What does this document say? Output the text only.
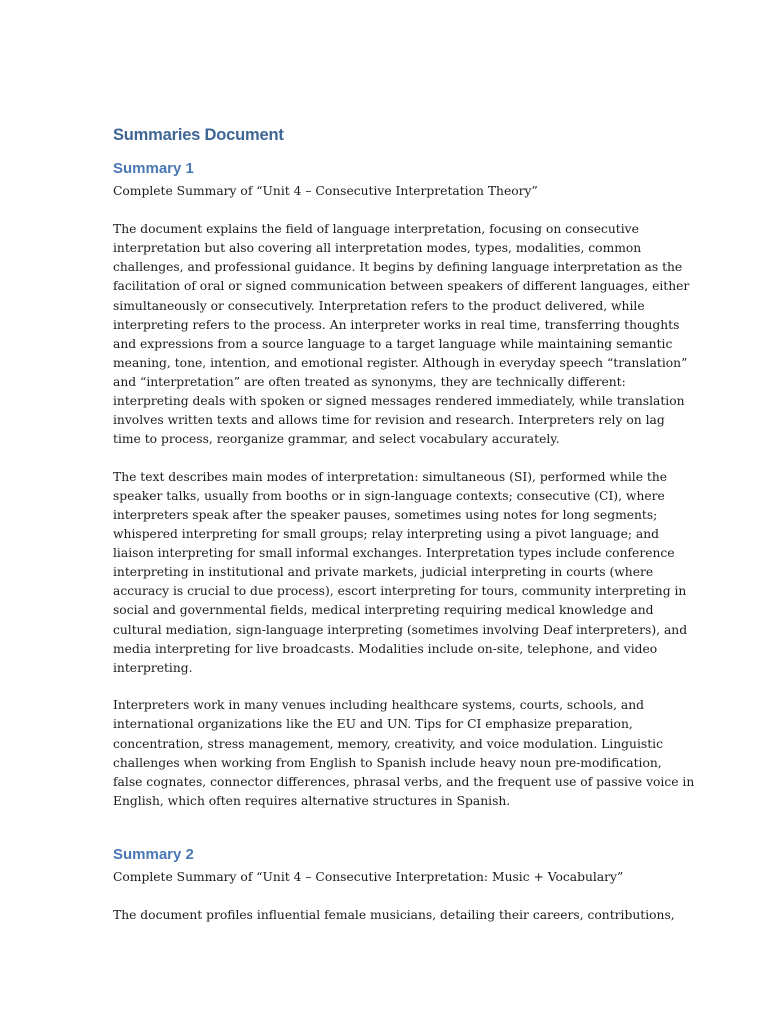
Summaries Document
Summary 1

Complete Summary of “Unit 4 – Consecutive Interpretation Theory”

The document explains the field of language interpretation, focusing on consecutive
interpretation but also covering all interpretation modes, types, modalities, common
challenges, and professional guidance. It begins by defining language interpretation as the
facilitation of oral or signed communication between speakers of different languages, either
simultaneously or consecutively. Interpretation refers to the product delivered, while
interpreting refers to the process. An interpreter works in real time, transferring thoughts
and expressions from a source language to a target language while maintaining semantic
meaning, tone, intention, and emotional register. Although in everyday speech “translation”
and “interpretation” are often treated as synonyms, they are technically different:
interpreting deals with spoken or signed messages rendered immediately, while translation
involves written texts and allows time for revision and research. Interpreters rely on lag
time to process, reorganize grammar, and select vocabulary accurately.

The text describes main modes of interpretation: simultaneous (SI), performed while the
speaker talks, usually from booths or in sign-language contexts; consecutive (CI), where
interpreters speak after the speaker pauses, sometimes using notes for long segments;
whispered interpreting for small groups; relay interpreting using a pivot language; and
liaison interpreting for small informal exchanges. Interpretation types include conference
interpreting in institutional and private markets, judicial interpreting in courts (where
accuracy is crucial to due process), escort interpreting for tours, community interpreting in
social and governmental fields, medical interpreting requiring medical knowledge and
cultural mediation, sign-language interpreting (sometimes involving Deaf interpreters), and
media interpreting for live broadcasts. Modalities include on-site, telephone, and video
interpreting.

Interpreters work in many venues including healthcare systems, courts, schools, and
international organizations like the EU and UN. Tips for CI emphasize preparation,
concentration, stress management, memory, creativity, and voice modulation. Linguistic
challenges when working from English to Spanish include heavy noun pre-modification,
false cognates, connector differences, phrasal verbs, and the frequent use of passive voice in
English, which often requires alternative structures in Spanish.

Summary 2

Complete Summary of “Unit 4 – Consecutive Interpretation: Music + Vocabulary”

The document profiles influential female musicians, detailing their careers, contributions,
